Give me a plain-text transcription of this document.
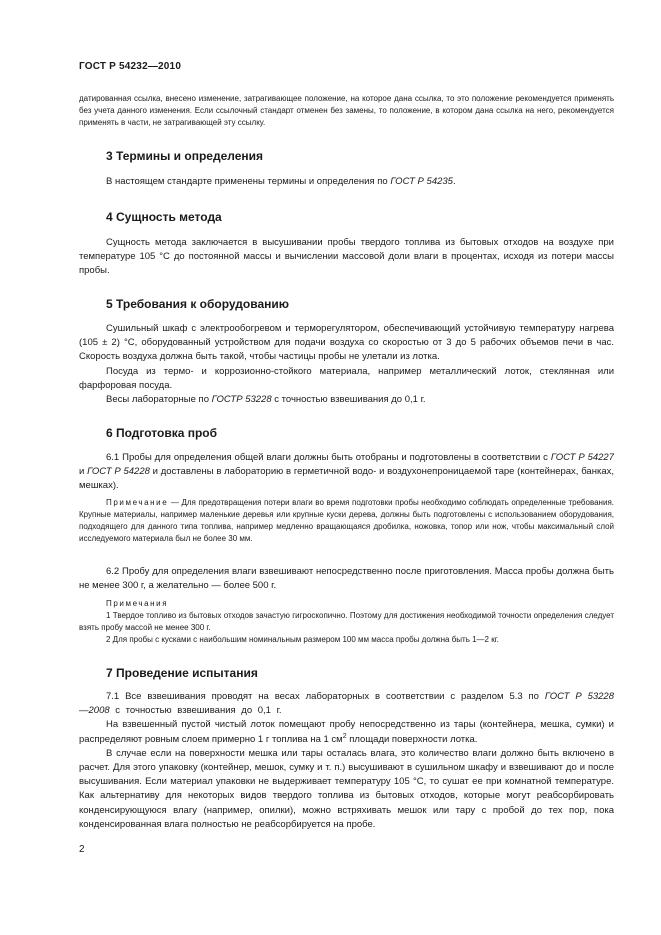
ГОСТ Р 54232—2010

датированная ссылка, внесено изменение, затрагивающее положение, на которое дана ссылка, то это положение рекомендуется применять без учета данного изменения. Если ссылочный стандарт отменен без замены, то положение, в котором дана ссылка на него, рекомендуется применять в части, не затрагивающей эту ссылку.

3 Термины и определения

В настоящем стандарте применены термины и определения по ГОСТ Р 54235.

4 Сущность метода

Сущность метода заключается в высушивании пробы твердого топлива из бытовых отходов на воздухе при температуре 105 °С до постоянной массы и вычислении массовой доли влаги в процентах, исходя из потери массы пробы.

5 Требования к оборудованию

Сушильный шкаф с электрообогревом и терморегулятором, обеспечивающий устойчивую температуру нагрева (105 ± 2) °С, оборудованный устройством для подачи воздуха со скоростью от 3 до 5 рабочих объемов печи в час. Скорость воздуха должна быть такой, чтобы частицы пробы не улетали из лотка.

Посуда из термо- и коррозионно-стойкого материала, например металлический лоток, стеклянная или фарфоровая посуда.

Весы лабораторные по ГОСТР 53228 с точностью взвешивания до 0,1 г.

6 Подготовка проб

6.1 Пробы для определения общей влаги должны быть отобраны и подготовлены в соответствии с ГОСТ Р 54227 и ГОСТ Р 54228 и доставлены в лабораторию в герметичной водо- и воздухонепроницаемой таре (контейнерах, банках, мешках).

Примечание — Для предотвращения потери влаги во время подготовки пробы необходимо соблюдать определенные требования. Крупные материалы, например маленькие деревья или крупные куски дерева, должны быть подготовлены с использованием оборудования, подходящего для данного типа топлива, например медленно вращающаяся дробилка, ножовка, топор или нож, чтобы максимальный слой исследуемого материала был не более 30 мм.

6.2 Пробу для определения влаги взвешивают непосредственно после приготовления. Масса пробы должна быть не менее 300 г, а желательно — более 500 г.

Примечания

1 Твердое топливо из бытовых отходов зачастую гигроскопично. Поэтому для достижения необходимой точности определения следует взять пробу массой не менее 300 г.

2 Для пробы с кусками с наибольшим номинальным размером 100 мм масса пробы должна быть 1—2 кг.

7 Проведение испытания

7.1 Все взвешивания проводят на весах лабораторных в соответствии с разделом 5.3 по ГОСТ Р 53228—2008 с точностью взвешивания до 0,1 г.

На взвешенный пустой чистый лоток помещают пробу непосредственно из тары (контейнера, мешка, сумки) и распределяют ровным слоем примерно 1 г топлива на 1 $см^2$ площади поверхности лотка.

В случае если на поверхности мешка или тары осталась влага, это количество влаги должно быть включено в расчет. Для этого упаковку (контейнер, мешок, сумку и т. п.) высушивают в сушильном шкафу и взвешивают до и после высушивания. Если материал упаковки не выдерживает температуру 105 °С, то сушат ее при комнатной температуре. Как альтернативу для некоторых видов твердого топлива из бытовых отходов, которые могут реабсорбировать конденсирующуюся влагу (например, опилки), можно встряхивать мешок или тару с пробой до тех пор, пока конденсированная влага полностью не реабсорбируется на пробе.

2
